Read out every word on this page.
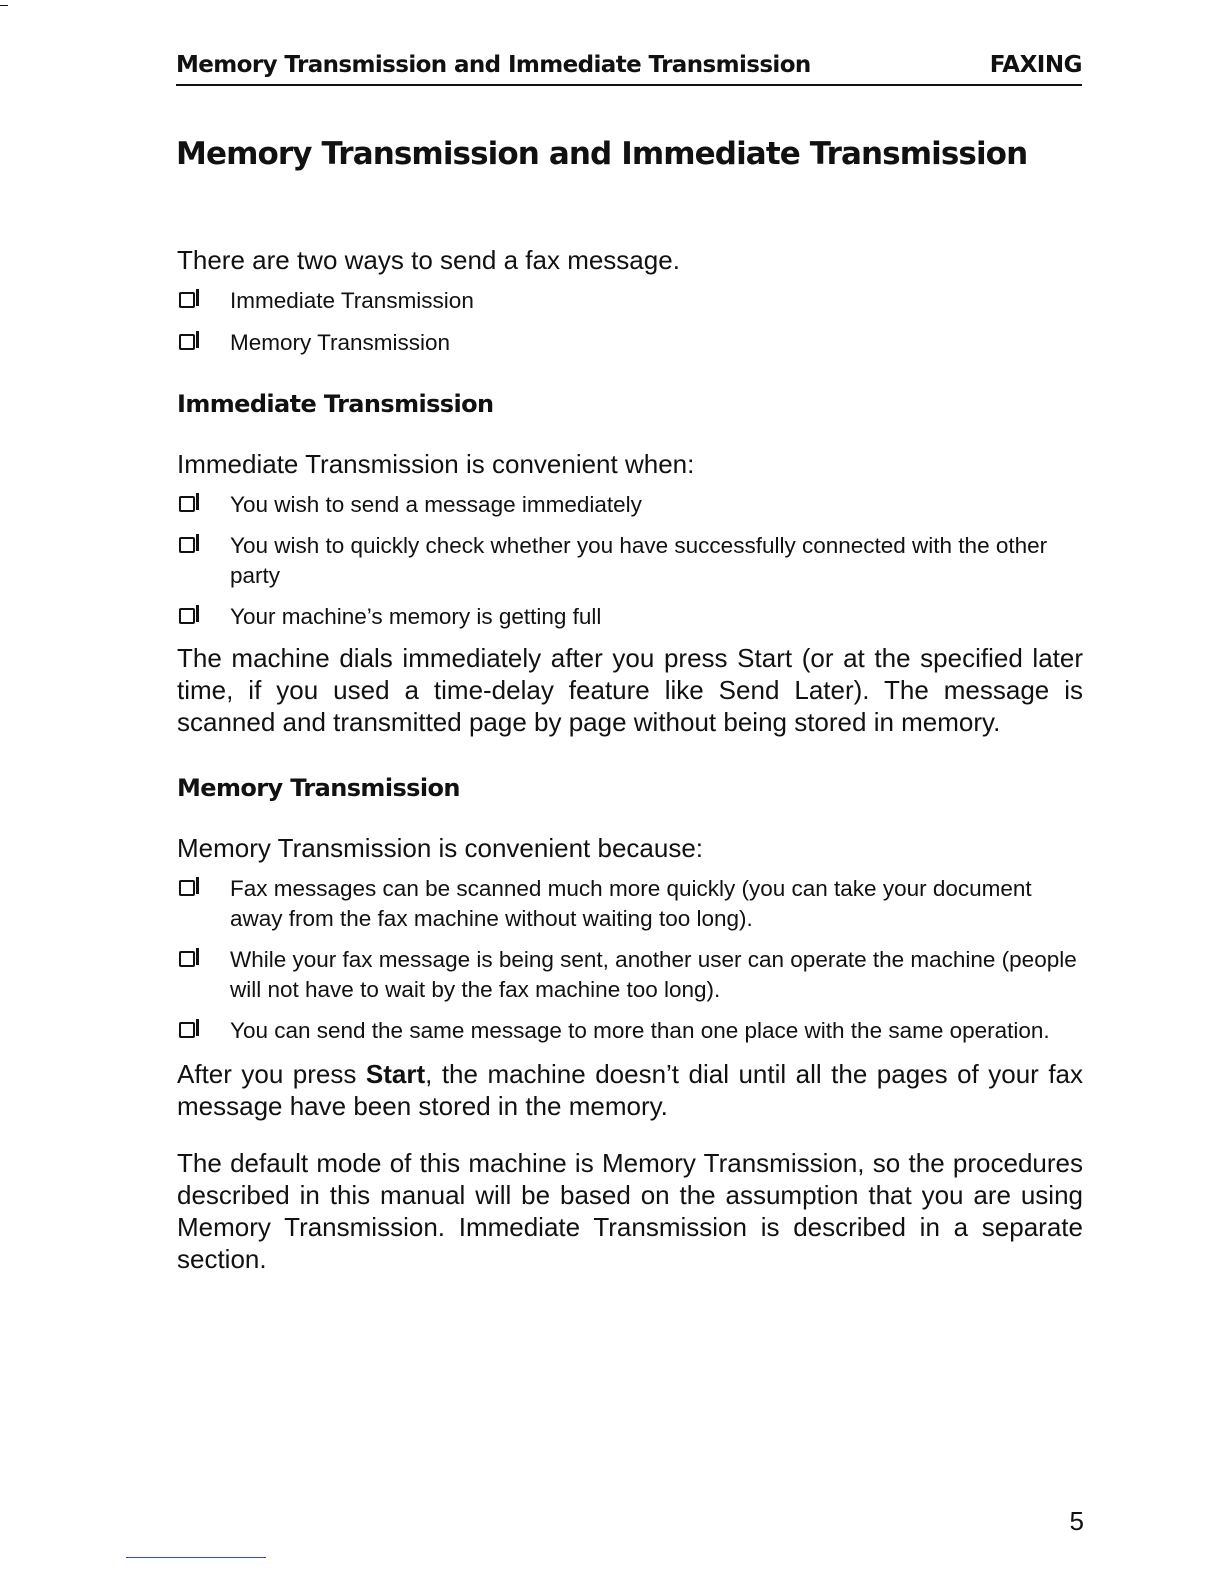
Memory Transmission and Immediate Transmission	FAXING
Memory Transmission and Immediate Transmission

There are two ways to send a fax message.

Immediate Transmission
Memory Transmission
Immediate Transmission

Immediate Transmission is convenient when:

You wish to send a message immediately
You wish to quickly check whether you have successfully connected with the other party
Your machine’s memory is getting full

The machine dials immediately after you press Start (or at the specified later time, if you used a time-delay feature like Send Later). The message is scanned and transmitted page by page without being stored in memory.

Memory Transmission

Memory Transmission is convenient because:

Fax messages can be scanned much more quickly (you can take your document away from the fax machine without waiting too long).
While your fax message is being sent, another user can operate the machine (people will not have to wait by the fax machine too long).
You can send the same message to more than one place with the same operation.

After you press Start, the machine doesn’t dial until all the pages of your fax message have been stored in the memory.

The default mode of this machine is Memory Transmission, so the procedures described in this manual will be based on the assumption that you are using Memory Transmission. Immediate Transmission is described in a separate section.

5
